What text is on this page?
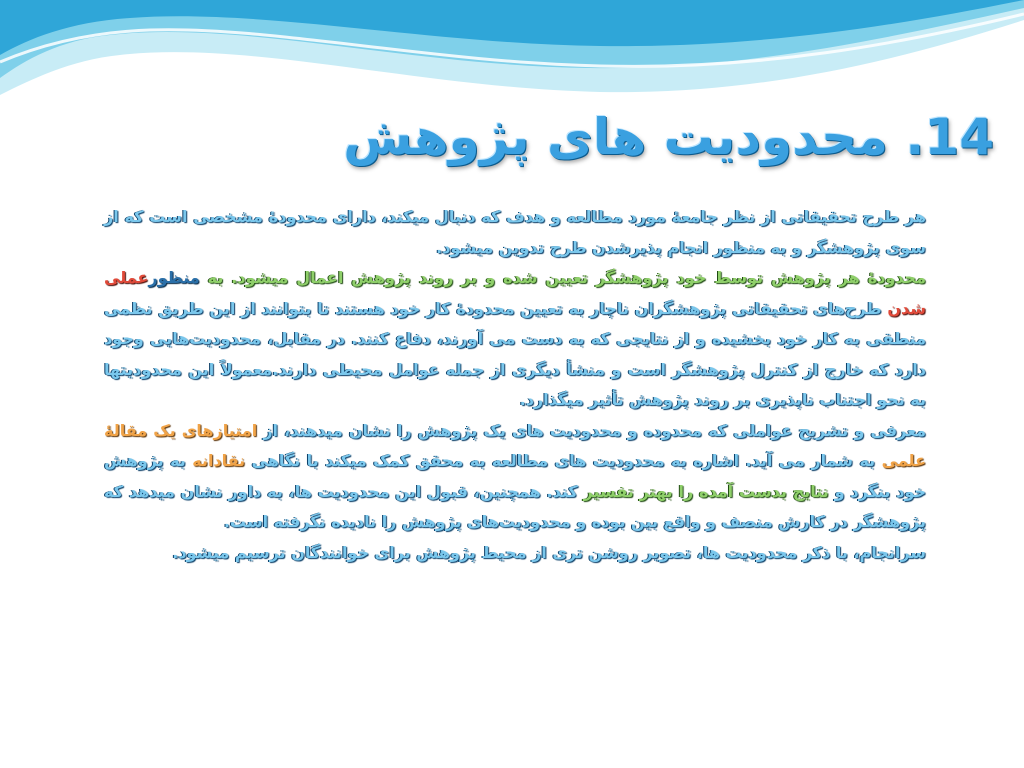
14. محدودیت های پژوهش

هر طرح تحقیقاتی از نظر جامعۀ مورد مطالعه و هدف که دنبال میکند، دارای محدودۀ مشخصی است که از سوی پژوهشگر و به منظور انجام پذیرشدن طرح تدوین میشود.

محدودۀ هر پژوهش توسط خود پژوهشگر تعیین شده و بر روند پژوهش اعمال میشود. به منظورعملی شدن طرح‌های تحقیقاتی پژوهشگران ناچار به تعیین محدودۀ کار خود هستند تا بتوانند از این طریق نظمی منطقی به کار خود بخشیده و از نتایجی که به دست می آورند، دفاع کنند. در مقابل، محدودیت‌هایی وجود دارد که خارج از کنترل پژوهشگر است و منشأ دیگری از جمله عوامل محیطی دارند.معمولاً این محدودیتها به نحو اجتناب ناپذیری بر روند پژوهش تأثیر میگذارد.

معرفی و تشریح عواملی که محدوده و محدودیت های یک پژوهش را نشان میدهند، از امتیازهای یک مقالۀ علمی به شمار می آید. اشاره به محدودیت های مطالعه به محقق کمک میکند با نگاهی نقادانه به پژوهش خود بنگرد و نتایج بدست آمده را بهتر تفسیر کند. همچنین، قبول این محدودیت ها، به داور نشان میدهد که پژوهشگر در کارش منصف و واقع بین بوده و محدودیت‌های پژوهش را نادیده نگرفته است.

سرانجام، با ذکر محدودیت ها، تصویر روشن تری از محیط پژوهش برای خوانندگان ترسیم میشود.
